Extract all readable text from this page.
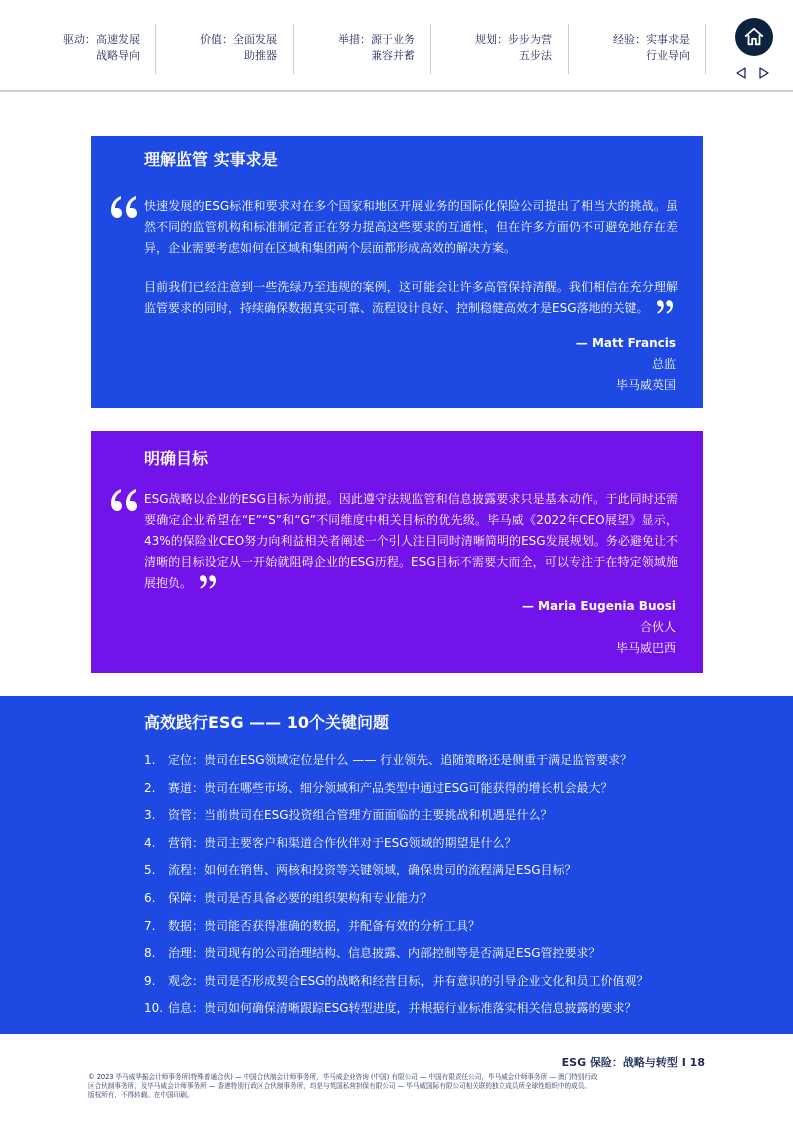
驱动：高速发展
战略导向
价值：全面发展
助推器
举措：源于业务
兼容并蓄
规划：步步为营
五步法
经验：实事求是
行业导向
理解监管 实事求是
快速发展的ESG标准和要求对在多个国家和地区开展业务的国际化保险公司提出了相当大的挑战。虽然不同的监管机构和标准制定者正在努力提高这些要求的互通性，但在许多方面仍不可避免地存在差异，企业需要考虑如何在区域和集团两个层面都形成高效的解决方案。
目前我们已经注意到一些洗绿乃至违规的案例，这可能会让许多高管保持清醒。我们相信在充分理解监管要求的同时，持续确保数据真实可靠、流程设计良好、控制稳健高效才是ESG落地的关键。
— Matt Francis
总监
毕马威英国
明确目标
ESG战略以企业的ESG目标为前提。因此遵守法规监管和信息披露要求只是基本动作。于此同时还需要确定企业希望在“E”“S”和“G”不同维度中相关目标的优先级。毕马威《2022年CEO展望》显示，43%的保险业CEO努力向利益相关者阐述一个引人注目同时清晰简明的ESG发展规划。务必避免让不清晰的目标设定从一开始就阻碍企业的ESG历程。ESG目标不需要大而全，可以专注于在特定领域施展抱负。
— Maria Eugenia Buosi
合伙人
毕马威巴西
高效践行ESG —— 10个关键问题
1. 定位：贵司在ESG领域定位是什么 —— 行业领先、追随策略还是侧重于满足监管要求？
2. 赛道：贵司在哪些市场、细分领域和产品类型中通过ESG可能获得的增长机会最大？
3. 资管：当前贵司在ESG投资组合管理方面面临的主要挑战和机遇是什么？
4. 营销：贵司主要客户和渠道合作伙伴对于ESG领域的期望是什么？
5. 流程：如何在销售、两核和投资等关键领域，确保贵司的流程满足ESG目标？
6. 保障：贵司是否具备必要的组织架构和专业能力？
7. 数据：贵司能否获得准确的数据，并配备有效的分析工具？
8. 治理：贵司现有的公司治理结构、信息披露、内部控制等是否满足ESG管控要求？
9. 观念：贵司是否形成契合ESG的战略和经营目标，并有意识的引导企业文化和员工价值观？
10. 信息：贵司如何确保清晰跟踪ESG转型进度，并根据行业标准落实相关信息披露的要求？
ESG 保险：战略与转型 I 18
© 2023 毕马威华振会计师事务所(特殊普通合伙) — 中国合伙制会计师事务所，毕马威企业咨询 (中国) 有限公司 — 中国有限责任公司，毕马威会计师事务所 — 澳门特别行政
区合伙制事务所，及毕马威会计师事务所 — 香港特别行政区合伙制事务所，均是与英国私营担保有限公司 — 毕马威国际有限公司相关联的独立成员所全球性组织中的成员。
版权所有，不得转载。在中国印刷。
